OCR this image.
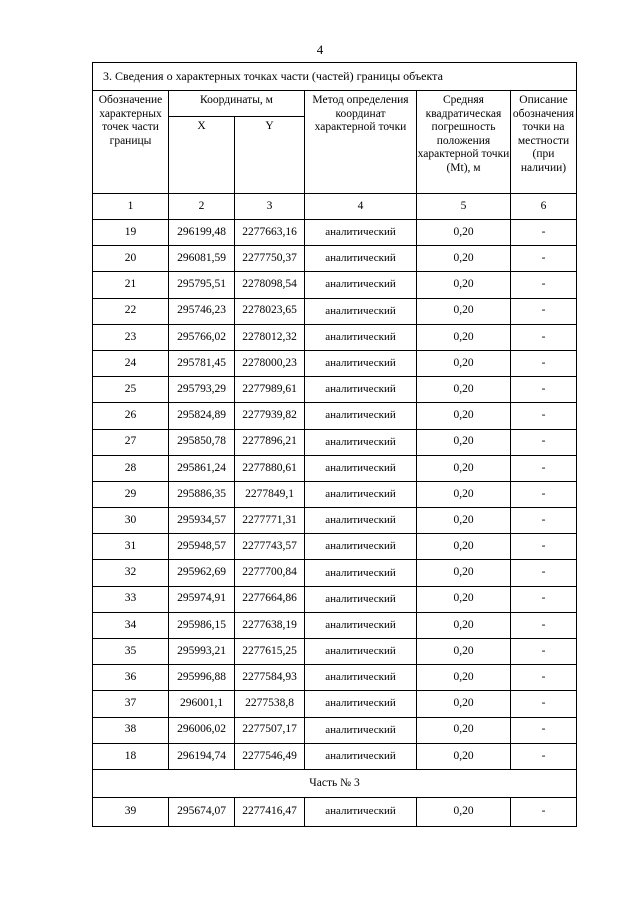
4
3. Сведения о характерных точках части (частей) границы объекта					
Обозначение характерных точек части границы	Координаты, м		Метод определения координат характерной точки	Средняя квадратическая погрешность положения характерной точки (Mt), м	Описание обозначения точки на местности (при наличии)
	X	Y			
1	2	3	4	5	6
19	296199,48	2277663,16	аналитический	0,20	-
20	296081,59	2277750,37	аналитический	0,20	-
21	295795,51	2278098,54	аналитический	0,20	-
22	295746,23	2278023,65	аналитический	0,20	-
23	295766,02	2278012,32	аналитический	0,20	-
24	295781,45	2278000,23	аналитический	0,20	-
25	295793,29	2277989,61	аналитический	0,20	-
26	295824,89	2277939,82	аналитический	0,20	-
27	295850,78	2277896,21	аналитический	0,20	-
28	295861,24	2277880,61	аналитический	0,20	-
29	295886,35	2277849,1	аналитический	0,20	-
30	295934,57	2277771,31	аналитический	0,20	-
31	295948,57	2277743,57	аналитический	0,20	-
32	295962,69	2277700,84	аналитический	0,20	-
33	295974,91	2277664,86	аналитический	0,20	-
34	295986,15	2277638,19	аналитический	0,20	-
35	295993,21	2277615,25	аналитический	0,20	-
36	295996,88	2277584,93	аналитический	0,20	-
37	296001,1	2277538,8	аналитический	0,20	-
38	296006,02	2277507,17	аналитический	0,20	-
18	296194,74	2277546,49	аналитический	0,20	-
Часть № 3					
39	295674,07	2277416,47	аналитический	0,20	-
